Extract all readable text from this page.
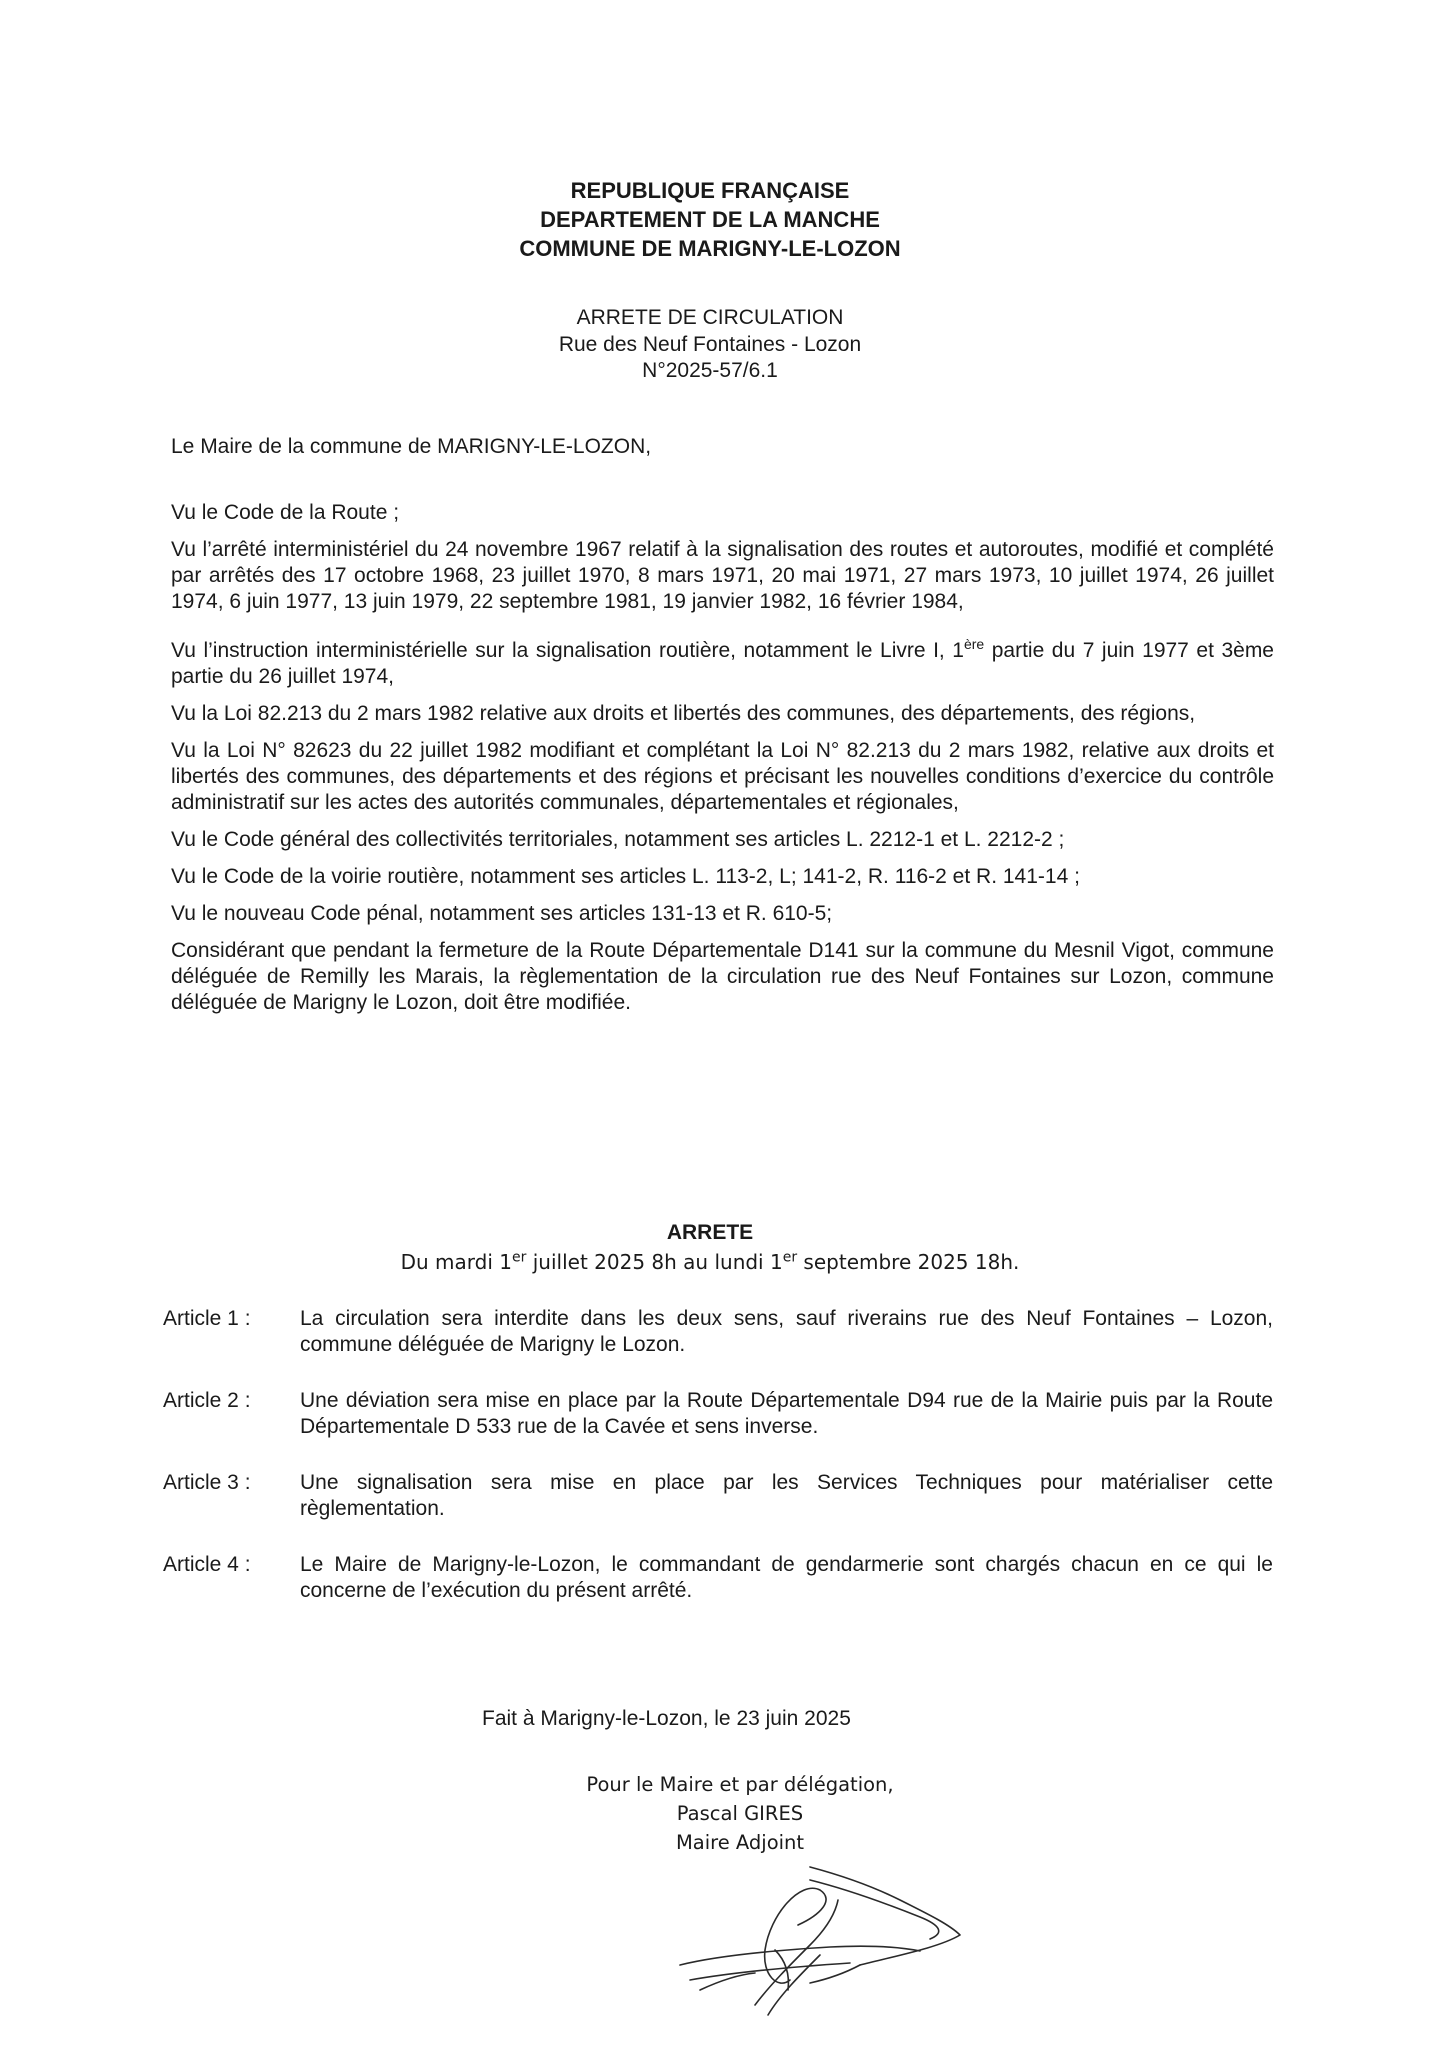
REPUBLIQUE FRANÇAISE
DEPARTEMENT DE LA MANCHE
COMMUNE DE MARIGNY-LE-LOZON
ARRETE DE CIRCULATION
Rue des Neuf Fontaines - Lozon
N°2025-57/6.1
Le Maire de la commune de MARIGNY-LE-LOZON,

Vu le Code de la Route ;

Vu l’arrêté interministériel du 24 novembre 1967 relatif à la signalisation des routes et autoroutes, modifié et complété par arrêtés des 17 octobre 1968, 23 juillet 1970, 8 mars 1971, 20 mai 1971, 27 mars 1973, 10 juillet 1974, 26 juillet 1974, 6 juin 1977, 13 juin 1979, 22 septembre 1981, 19 janvier 1982, 16 février 1984,

Vu l’instruction interministérielle sur la signalisation routière, notamment le Livre I, 1ère partie du 7 juin 1977 et 3ème partie du 26 juillet 1974,

Vu la Loi 82.213 du 2 mars 1982 relative aux droits et libertés des communes, des départements, des régions,

Vu la Loi N° 82623 du 22 juillet 1982 modifiant et complétant la Loi N° 82.213 du 2 mars 1982, relative aux droits et libertés des communes, des départements et des régions et précisant les nouvelles conditions d’exercice du contrôle administratif sur les actes des autorités communales, départementales et régionales,

Vu le Code général des collectivités territoriales, notamment ses articles L. 2212-1 et L. 2212-2 ;

Vu le Code de la voirie routière, notamment ses articles L. 113-2, L; 141-2, R. 116-2 et R. 141-14 ;

Vu le nouveau Code pénal, notamment ses articles 131-13 et R. 610-5;

Considérant que pendant la fermeture de la Route Départementale D141 sur la commune du Mesnil Vigot, commune déléguée de Remilly les Marais, la règlementation de la circulation rue des Neuf Fontaines sur Lozon, commune déléguée de Marigny le Lozon, doit être modifiée.

ARRETE
Du mardi 1er juillet 2025 8h au lundi 1er septembre 2025 18h.
Article 1 :	La circulation sera interdite dans les deux sens, sauf riverains rue des Neuf Fontaines – Lozon, commune déléguée de Marigny le Lozon.
Article 2 :	Une déviation sera mise en place par la Route Départementale D94 rue de la Mairie puis par la Route Départementale D 533 rue de la Cavée et sens inverse.
Article 3 :	Une signalisation sera mise en place par les Services Techniques pour matérialiser cette règlementation.
Article 4 :	Le Maire de Marigny-le-Lozon, le commandant de gendarmerie sont chargés chacun en ce qui le concerne de l’exécution du présent arrêté.
Fait à Marigny-le-Lozon, le 23 juin 2025
Pour le Maire et par délégation,
Pascal GIRES
Maire Adjoint
